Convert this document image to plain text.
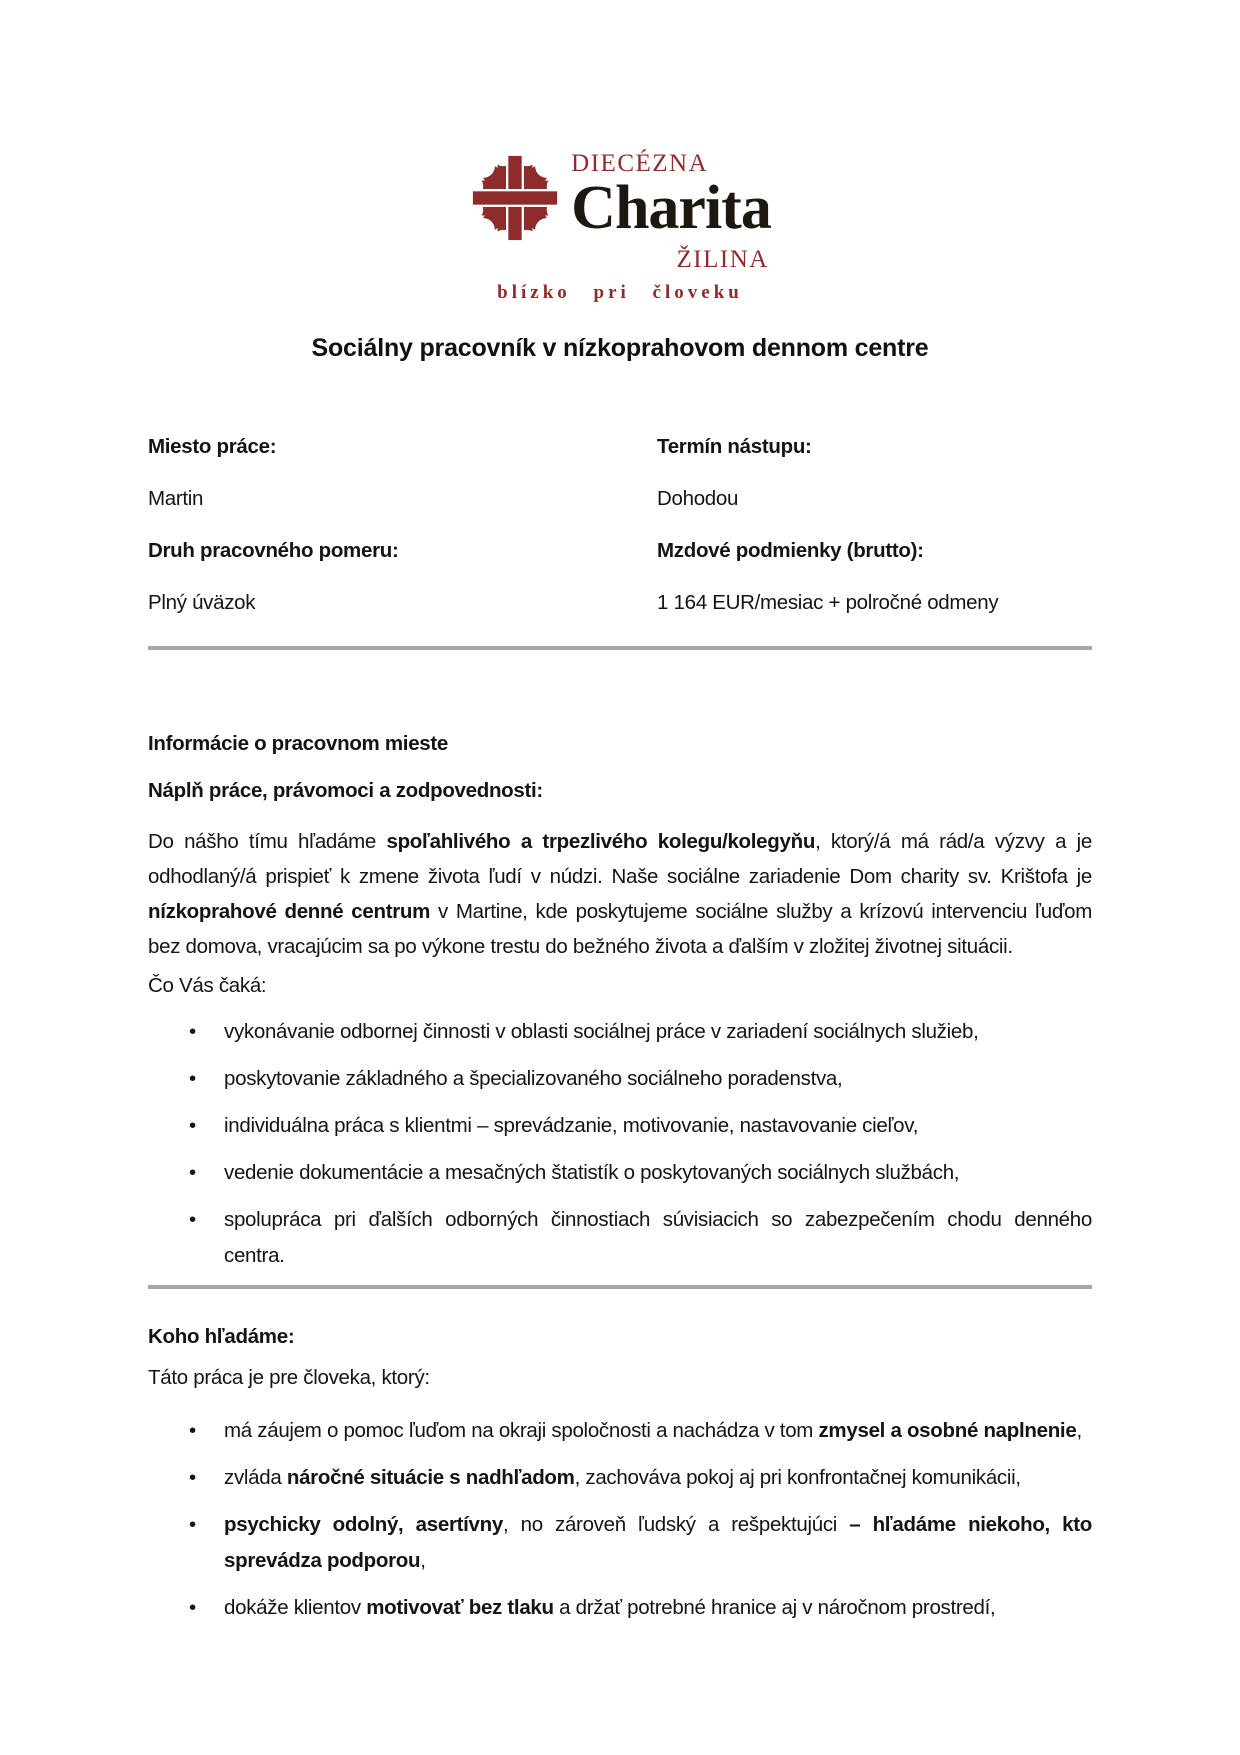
DIECÉZNA
Charita
ŽILINA
blízko pri človeku
Sociálny pracovník v nízkoprahovom dennom centre

Miesto práce:	Termín nástupu:

Martin	Dohodou

Druh pracovného pomeru:	Mzdové podmienky (brutto):

Plný úväzok	1 164 EUR/mesiac + polročné odmeny

Informácie o pracovnom mieste
Náplň práce, právomoci a zodpovednosti:

Do nášho tímu hľadáme spoľahlivého a trpezlivého kolegu/kolegyňu, ktorý/á má rád/a výzvy a je odhodlaný/á prispieť k zmene života ľudí v núdzi. Naše sociálne zariadenie Dom charity sv. Krištofa je nízkoprahové denné centrum v Martine, kde poskytujeme sociálne služby a krízovú intervenciu ľuďom bez domova, vracajúcim sa po výkone trestu do bežného života a ďalším v zložitej životnej situácii.

Čo Vás čaká:

• vykonávanie odbornej činnosti v oblasti sociálnej práce v zariadení sociálnych služieb,
• poskytovanie základného a špecializovaného sociálneho poradenstva,
• individuálna práca s klientmi – sprevádzanie, motivovanie, nastavovanie cieľov,
• vedenie dokumentácie a mesačných štatistík o poskytovaných sociálnych službách,
• spolupráca pri ďalších odborných činnostiach súvisiacich so zabezpečením chodu denného centra.
Koho hľadáme:

Táto práca je pre človeka, ktorý:

• má záujem o pomoc ľuďom na okraji spoločnosti a nachádza v tom zmysel a osobné naplnenie,
• zvláda náročné situácie s nadhľadom, zachováva pokoj aj pri konfrontačnej komunikácii,
• psychicky odolný, asertívny, no zároveň ľudský a rešpektujúci – hľadáme niekoho, kto sprevádza podporou,
• dokáže klientov motivovať bez tlaku a držať potrebné hranice aj v náročnom prostredí,
